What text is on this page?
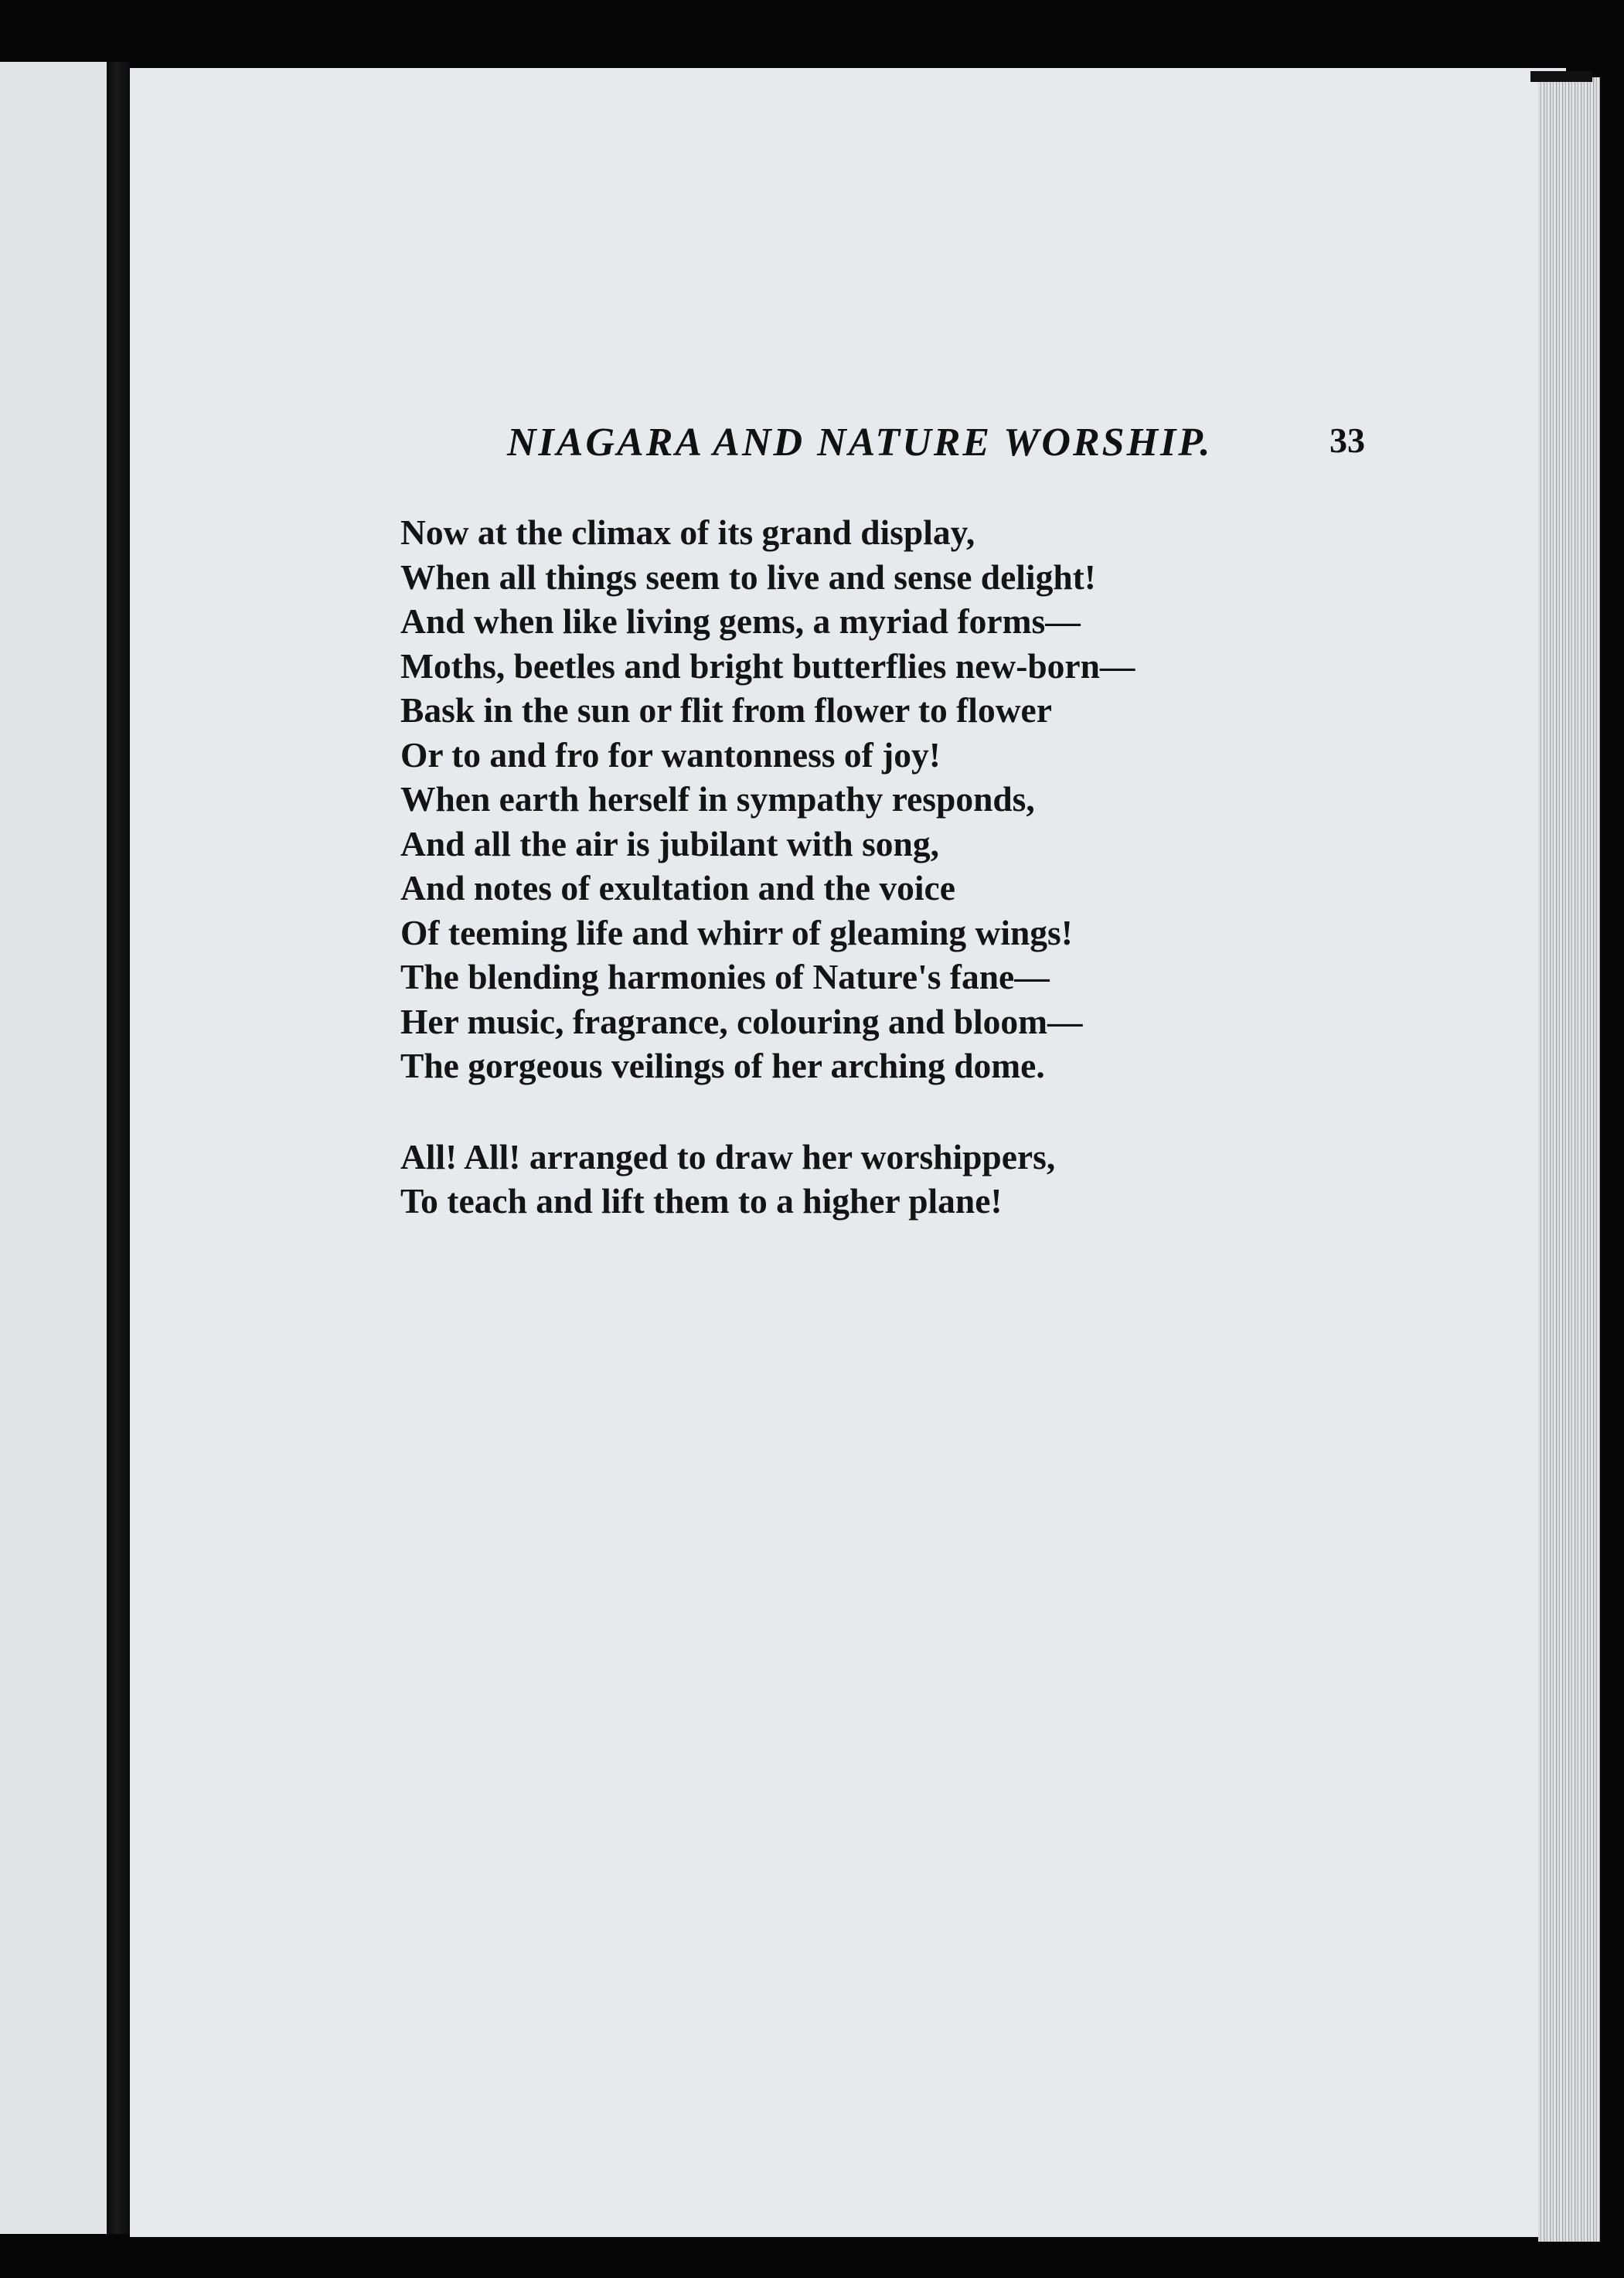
NIAGARA AND NATURE WORSHIP.	33
Now at the climax of its grand display,
When all things seem to live and sense delight!
And when like living gems, a myriad forms—
Moths, beetles and bright butterflies new-born—
Bask in the sun or flit from flower to flower
Or to and fro for wantonness of joy!
When earth herself in sympathy responds,
And all the air is jubilant with song,
And notes of exultation and the voice
Of teeming life and whirr of gleaming wings!
The blending harmonies of Nature's fane—
Her music, fragrance, colouring and bloom—
The gorgeous veilings of her arching dome.
All! All! arranged to draw her worshippers,
To teach and lift them to a higher plane!
